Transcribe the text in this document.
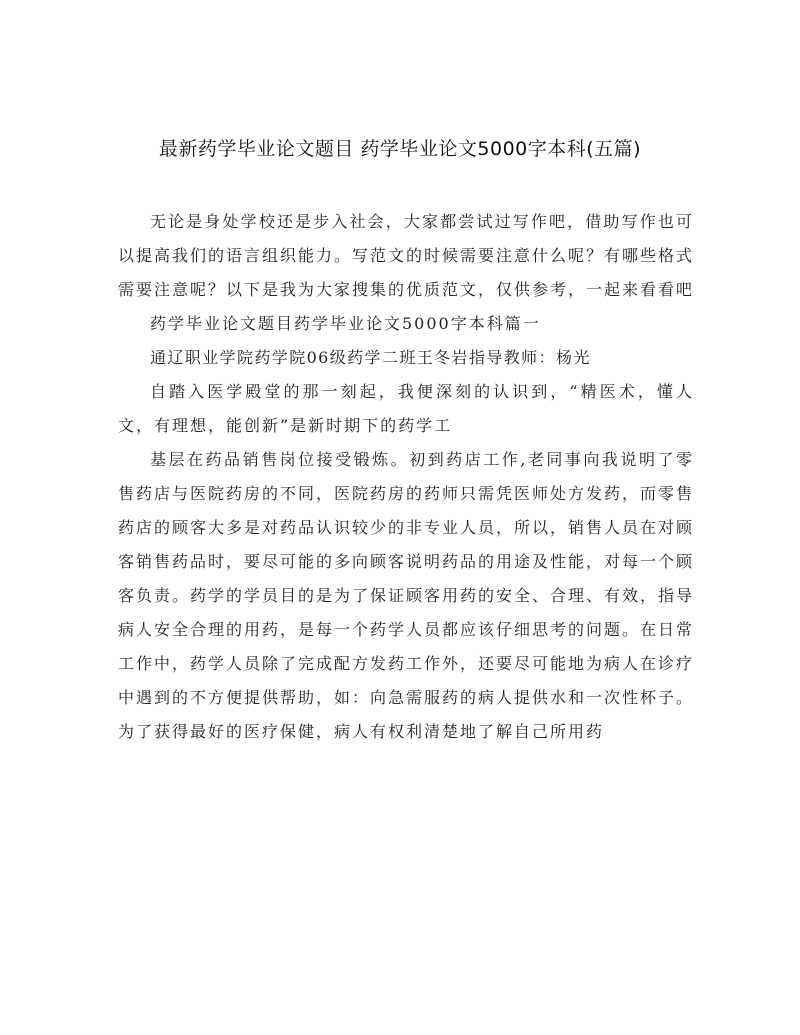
最新药学毕业论文题目 药学毕业论文5000字本科(五篇)

无论是身处学校还是步入社会，大家都尝试过写作吧，借助写作也可以提高我们的语言组织能力。写范文的时候需要注意什么呢？有哪些格式需要注意呢？以下是我为大家搜集的优质范文，仅供参考，一起来看看吧

药学毕业论文题目药学毕业论文5000字本科篇一

通辽职业学院药学院06级药学二班王冬岩指导教师：杨光

自踏入医学殿堂的那一刻起，我便深刻的认识到，“精医术，懂人文，有理想，能创新”是新时期下的药学工

基层在药品销售岗位接受锻炼。初到药店工作,老同事向我说明了零售药店与医院药房的不同，医院药房的药师只需凭医师处方发药，而零售药店的顾客大多是对药品认识较少的非专业人员，所以，销售人员在对顾客销售药品时，要尽可能的多向顾客说明药品的用途及性能，对每一个顾客负责。药学的学员目的是为了保证顾客用药的安全、合理、有效，指导病人安全合理的用药，是每一个药学人员都应该仔细思考的问题。在日常工作中，药学人员除了完成配方发药工作外，还要尽可能地为病人在诊疗中遇到的不方便提供帮助，如：向急需服药的病人提供水和一次性杯子。为了获得最好的医疗保健，病人有权利清楚地了解自己所用药
